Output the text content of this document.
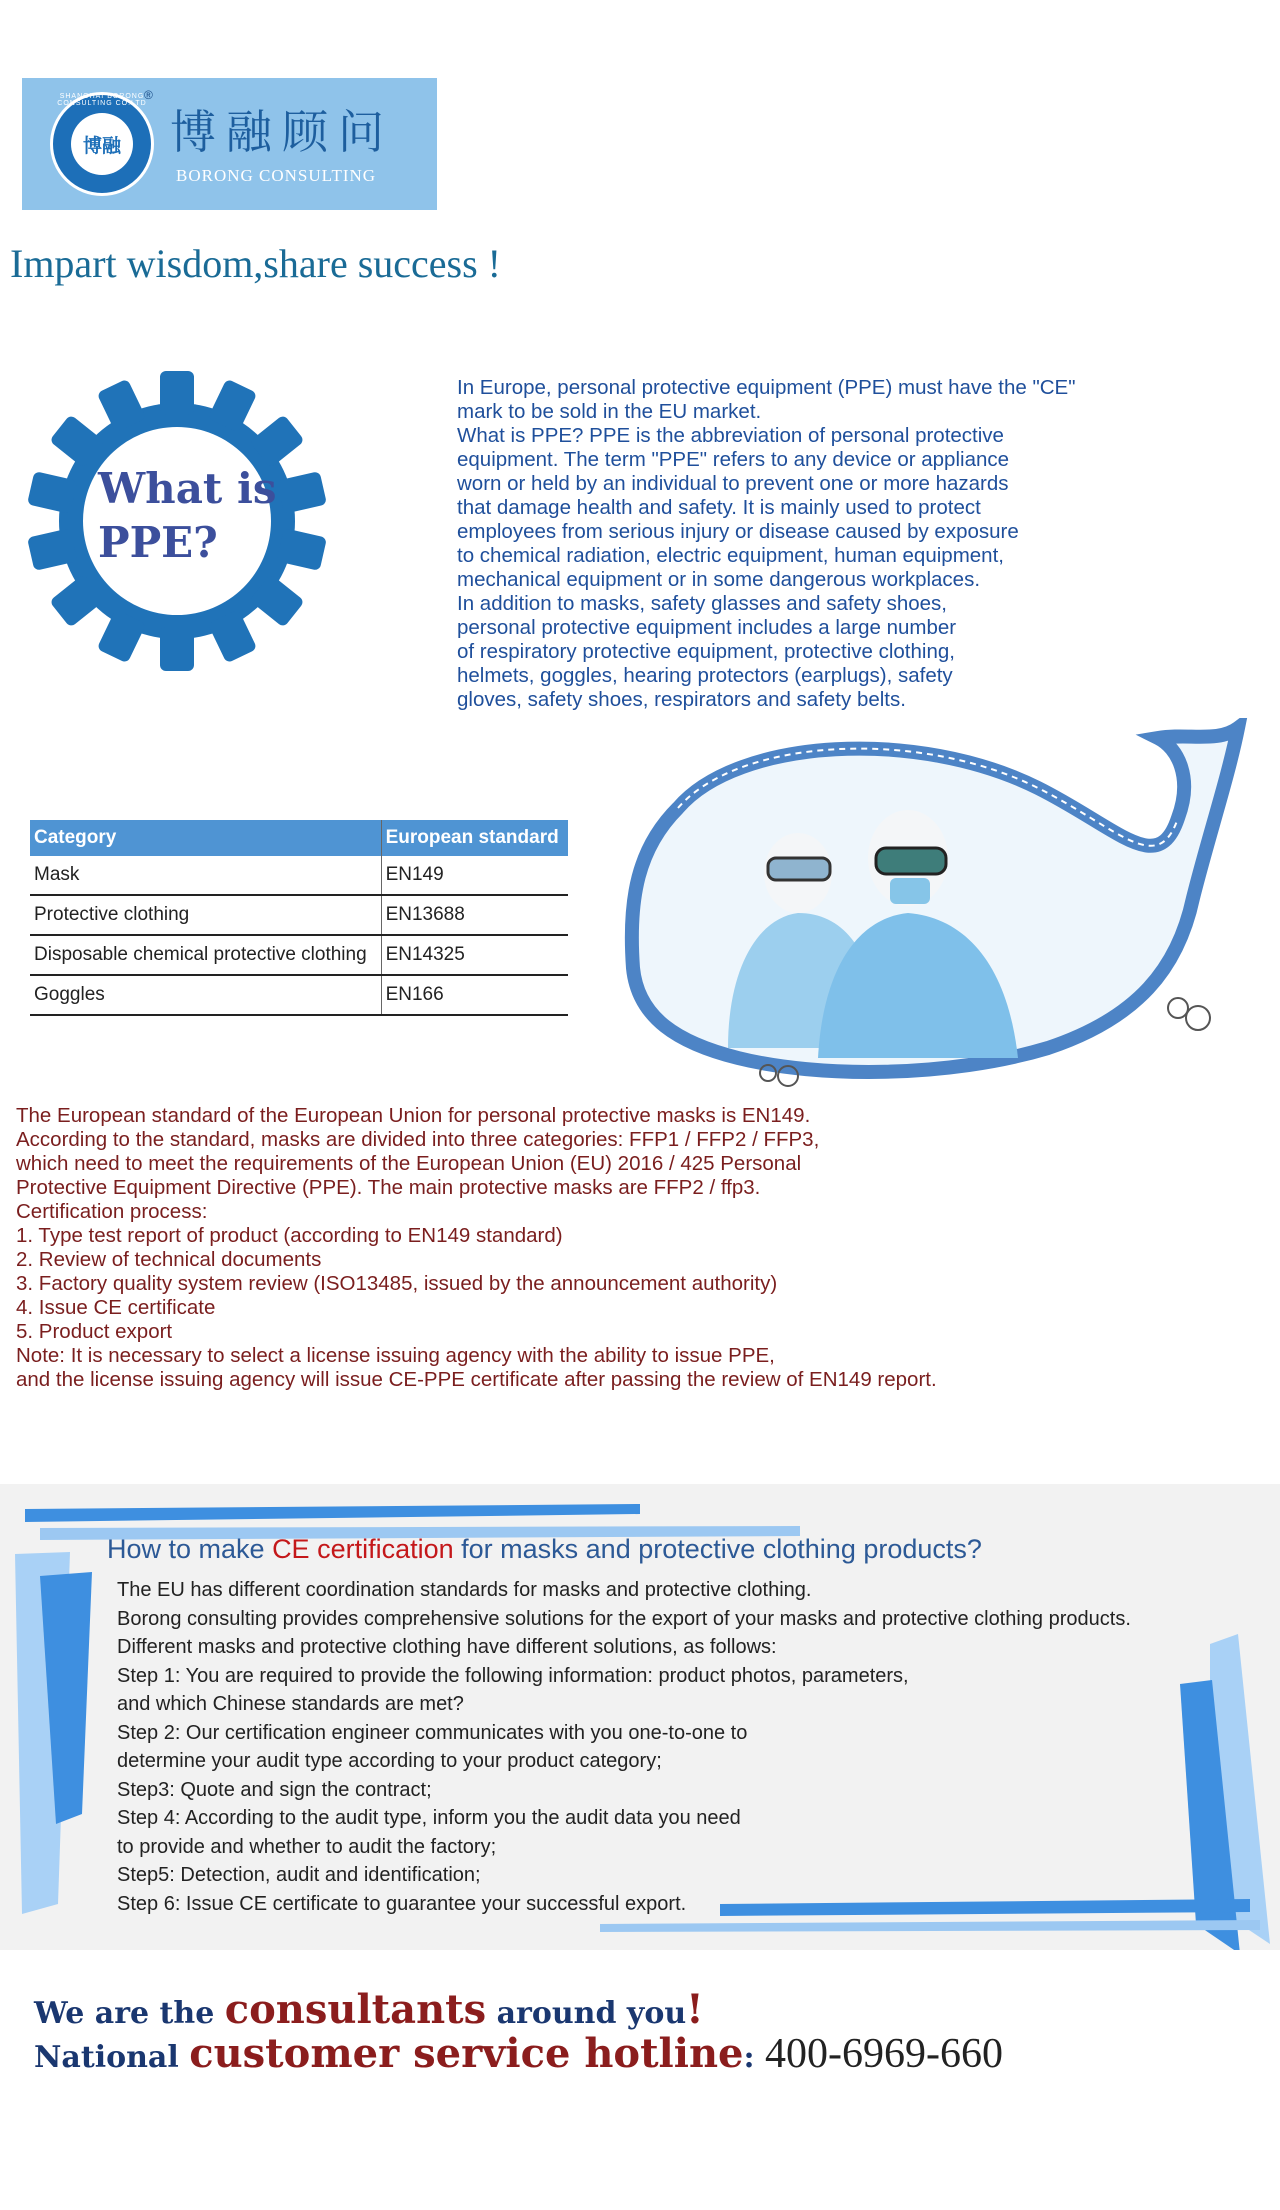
SHANGHAI BORONG CONSULTING CO.LTD
博融
®
博融顾问
BORONG CONSULTING
Impart wisdom,share success !
What is
PPE?
In Europe, personal protective equipment (PPE) must have the "CE"
mark to be sold in the EU market.
What is PPE? PPE is the abbreviation of personal protective
equipment. The term "PPE" refers to any device or appliance
worn or held by an individual to prevent one or more hazards
that damage health and safety. It is mainly used to protect
employees from serious injury or disease caused by exposure
to chemical radiation, electric equipment, human equipment,
mechanical equipment or in some dangerous workplaces.
In addition to masks, safety glasses and safety shoes,
personal protective equipment includes a large number
of respiratory protective equipment, protective clothing,
helmets, goggles, hearing protectors (earplugs), safety
gloves, safety shoes, respirators and safety belts.
Category	European standard
Mask	EN149
Protective clothing	EN13688
Disposable chemical protective clothing	EN14325
Goggles	EN166
The European standard of the European Union for personal protective masks is EN149.
According to the standard, masks are divided into three categories: FFP1 / FFP2 / FFP3,
which need to meet the requirements of the European Union (EU) 2016 / 425 Personal
Protective Equipment Directive (PPE). The main protective masks are FFP2 / ffp3.
Certification process:
1. Type test report of product (according to EN149 standard)
2. Review of technical documents
3. Factory quality system review (ISO13485, issued by the announcement authority)
4. Issue CE certificate
5. Product export
Note: It is necessary to select a license issuing agency with the ability to issue PPE,
and the license issuing agency will issue CE-PPE certificate after passing the review of EN149 report.
How to make CE certification for masks and protective clothing products?
The EU has different coordination standards for masks and protective clothing.
Borong consulting provides comprehensive solutions for the export of your masks and protective clothing products.
Different masks and protective clothing have different solutions, as follows:
Step 1: You are required to provide the following information: product photos, parameters,
and which Chinese standards are met?
Step 2: Our certification engineer communicates with you one-to-one to
determine your audit type according to your product category;
Step3: Quote and sign the contract;
Step 4: According to the audit type, inform you the audit data you need
to provide and whether to audit the factory;
Step5: Detection, audit and identification;
Step 6: Issue CE certificate to guarantee your successful export.
We are the consultants around you!
National customer service hotline: 400-6969-660
